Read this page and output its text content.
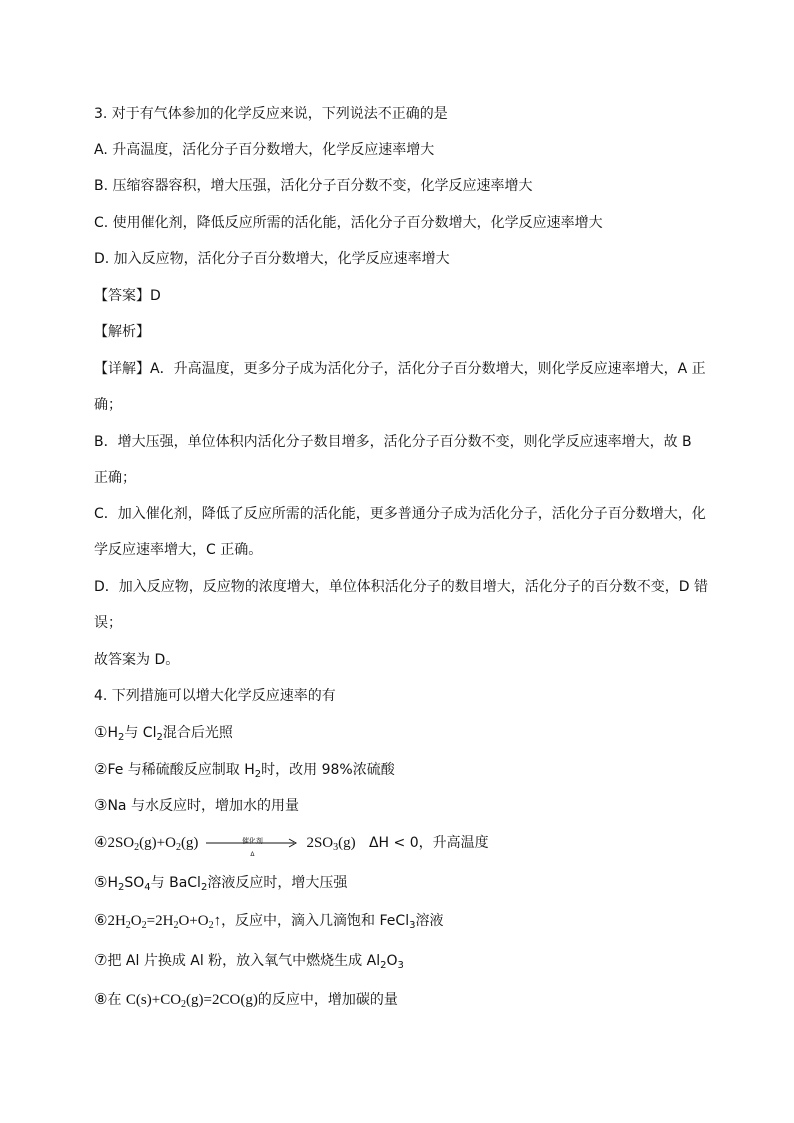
3. 对于有气体参加的化学反应来说，下列说法不正确的是
A. 升高温度，活化分子百分数增大，化学反应速率增大
B. 压缩容器容积，增大压强，活化分子百分数不变，化学反应速率增大
C. 使用催化剂，降低反应所需的活化能，活化分子百分数增大，化学反应速率增大
D. 加入反应物，活化分子百分数增大，化学反应速率增大
【答案】D
【解析】
【详解】A．升高温度，更多分子成为活化分子，活化分子百分数增大，则化学反应速率增大，A 正
确；
B．增大压强，单位体积内活化分子数目增多，活化分子百分数不变，则化学反应速率增大，故 B
正确；
C．加入催化剂，降低了反应所需的活化能，更多普通分子成为活化分子，活化分子百分数增大，化
学反应速率增大，C 正确。
D．加入反应物，反应物的浓度增大，单位体积活化分子的数目增大，活化分子的百分数不变，D 错
误；
故答案为 D。
4. 下列措施可以增大化学反应速率的有
$①H_2$与 $Cl_2$混合后光照
②Fe 与稀硫酸反应制取 $H_2$时，改用 98%浓硫酸
③Na 与水反应时，增加水的用量
$④2SO_2(g)+O_2(g)$	催化剂
Δ
$2SO_3(g) \Delta H < 0$，升高温度
$⑤H_2SO_4$与 BaCl$_2$溶液反应时，增大压强
$⑥2H_2O_2=2H_2O+O_2↑$，反应中，滴入几滴饱和 FeCl$_3$溶液
⑦把 Al 片换成 Al 粉，放入氧气中燃烧生成 $Al_2O_3$
⑧在 $C(s)+CO_2(g)=2CO(g)$的反应中，增加碳的量
